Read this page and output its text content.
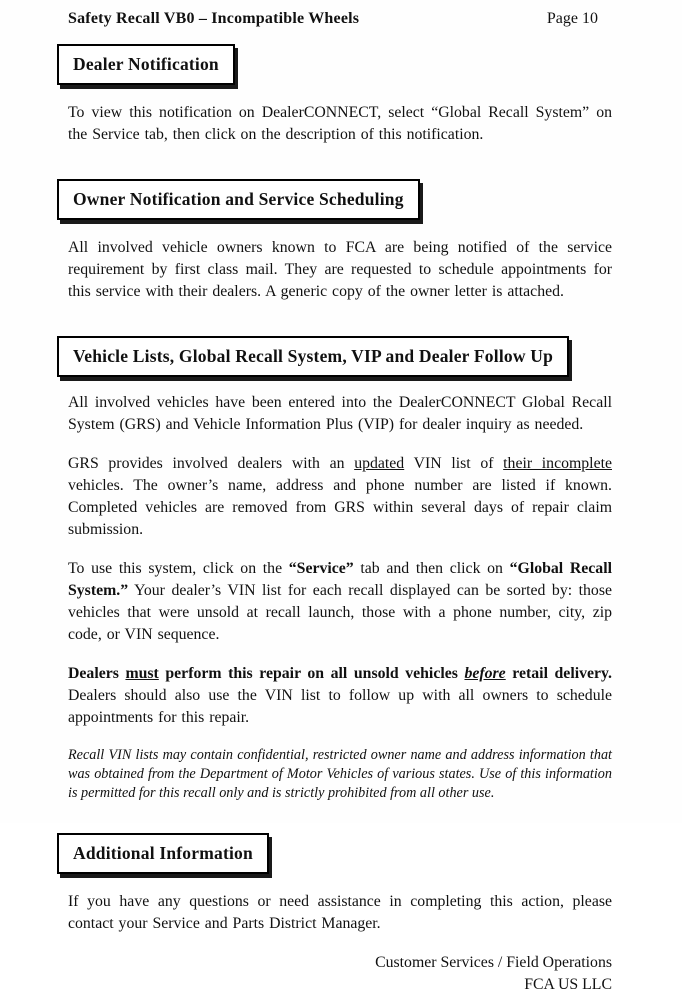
Safety Recall VB0 – Incompatible Wheels	Page 10
Dealer Notification

To view this notification on DealerCONNECT, select “Global Recall System” on the Service tab, then click on the description of this notification.

Owner Notification and Service Scheduling

All involved vehicle owners known to FCA are being notified of the service requirement by first class mail. They are requested to schedule appointments for this service with their dealers. A generic copy of the owner letter is attached.

Vehicle Lists, Global Recall System, VIP and Dealer Follow Up

All involved vehicles have been entered into the DealerCONNECT Global Recall System (GRS) and Vehicle Information Plus (VIP) for dealer inquiry as needed.

GRS provides involved dealers with an updated VIN list of their incomplete vehicles. The owner’s name, address and phone number are listed if known. Completed vehicles are removed from GRS within several days of repair claim submission.

To use this system, click on the “Service” tab and then click on “Global Recall System.” Your dealer’s VIN list for each recall displayed can be sorted by: those vehicles that were unsold at recall launch, those with a phone number, city, zip code, or VIN sequence.

Dealers must perform this repair on all unsold vehicles before retail delivery. Dealers should also use the VIN list to follow up with all owners to schedule appointments for this repair.

Recall VIN lists may contain confidential, restricted owner name and address information that was obtained from the Department of Motor Vehicles of various states. Use of this information is permitted for this recall only and is strictly prohibited from all other use.

Additional Information

If you have any questions or need assistance in completing this action, please contact your Service and Parts District Manager.

Customer Services / Field Operations
FCA US LLC
